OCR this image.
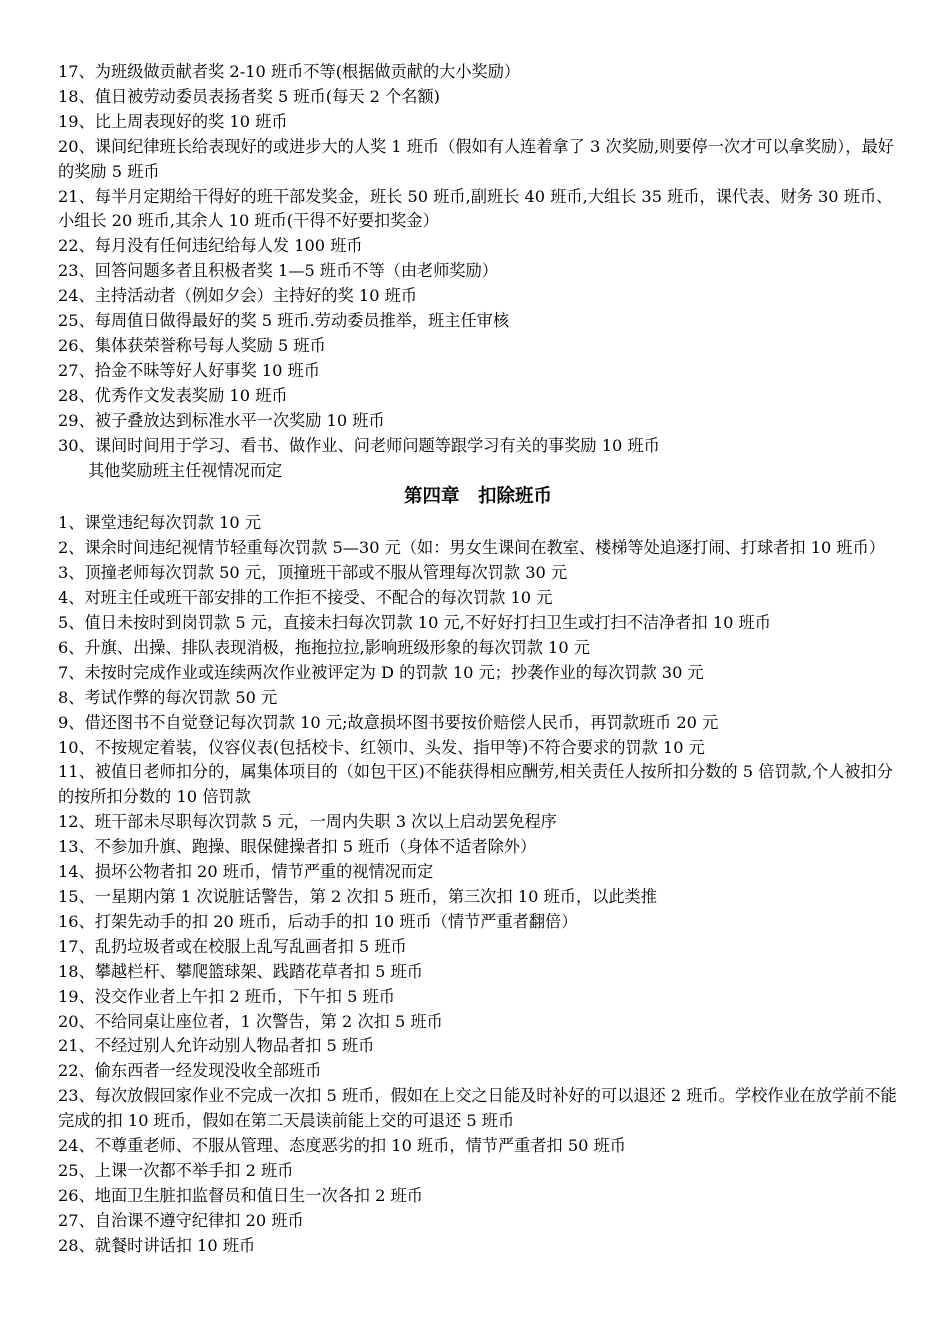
17、为班级做贡献者奖 2-10 班币不等(根据做贡献的大小奖励）

18、值日被劳动委员表扬者奖 5 班币(每天 2 个名额)

19、比上周表现好的奖 10 班币

20、课间纪律班长给表现好的或进步大的人奖 1 班币（假如有人连着拿了 3 次奖励,则要停一次才可以拿奖励），最好的奖励 5 班币

21、每半月定期给干得好的班干部发奖金，班长 50 班币,副班长 40 班币,大组长 35 班币，课代表、财务 30 班币、小组长 20 班币,其余人 10 班币(干得不好要扣奖金）

22、每月没有任何违纪给每人发 100 班币

23、回答问题多者且积极者奖 1—5 班币不等（由老师奖励）

24、主持活动者（例如夕会）主持好的奖 10 班币

25、每周值日做得最好的奖 5 班币.劳动委员推举，班主任审核

26、集体获荣誉称号每人奖励 5 班币

27、拾金不昧等好人好事奖 10 班币

28、优秀作文发表奖励 10 班币

29、被子叠放达到标准水平一次奖励 10 班币

30、课间时间用于学习、看书、做作业、问老师问题等跟学习有关的事奖励 10 班币

其他奖励班主任视情况而定

第四章　扣除班币

1、课堂违纪每次罚款 10 元

2、课余时间违纪视情节轻重每次罚款 5—30 元（如：男女生课间在教室、楼梯等处追逐打闹、打球者扣 10 班币）

3、顶撞老师每次罚款 50 元，顶撞班干部或不服从管理每次罚款 30 元

4、对班主任或班干部安排的工作拒不接受、不配合的每次罚款 10 元

5、值日未按时到岗罚款 5 元，直接未扫每次罚款 10 元,不好好打扫卫生或打扫不洁净者扣 10 班币

6、升旗、出操、排队表现消极，拖拖拉拉,影响班级形象的每次罚款 10 元

7、未按时完成作业或连续两次作业被评定为 D 的罚款 10 元；抄袭作业的每次罚款 30 元

8、考试作弊的每次罚款 50 元

9、借还图书不自觉登记每次罚款 10 元;故意损坏图书要按价赔偿人民币，再罚款班币 20 元

10、不按规定着装，仪容仪表(包括校卡、红领巾、头发、指甲等)不符合要求的罚款 10 元

11、被值日老师扣分的，属集体项目的（如包干区)不能获得相应酬劳,相关责任人按所扣分数的 5 倍罚款,个人被扣分的按所扣分数的 10 倍罚款

12、班干部未尽职每次罚款 5 元，一周内失职 3 次以上启动罢免程序

13、不参加升旗、跑操、眼保健操者扣 5 班币（身体不适者除外）

14、损坏公物者扣 20 班币，情节严重的视情况而定

15、一星期内第 1 次说脏话警告，第 2 次扣 5 班币，第三次扣 10 班币，以此类推

16、打架先动手的扣 20 班币，后动手的扣 10 班币（情节严重者翻倍）

17、乱扔垃圾者或在校服上乱写乱画者扣 5 班币

18、攀越栏杆、攀爬篮球架、践踏花草者扣 5 班币

19、没交作业者上午扣 2 班币，下午扣 5 班币

20、不给同桌让座位者，1 次警告，第 2 次扣 5 班币

21、不经过别人允许动别人物品者扣 5 班币

22、偷东西者一经发现没收全部班币

23、每次放假回家作业不完成一次扣 5 班币，假如在上交之日能及时补好的可以退还 2 班币。学校作业在放学前不能完成的扣 10 班币，假如在第二天晨读前能上交的可退还 5 班币

24、不尊重老师、不服从管理、态度恶劣的扣 10 班币，情节严重者扣 50 班币

25、上课一次都不举手扣 2 班币

26、地面卫生脏扣监督员和值日生一次各扣 2 班币

27、自治课不遵守纪律扣 20 班币

28、就餐时讲话扣 10 班币
